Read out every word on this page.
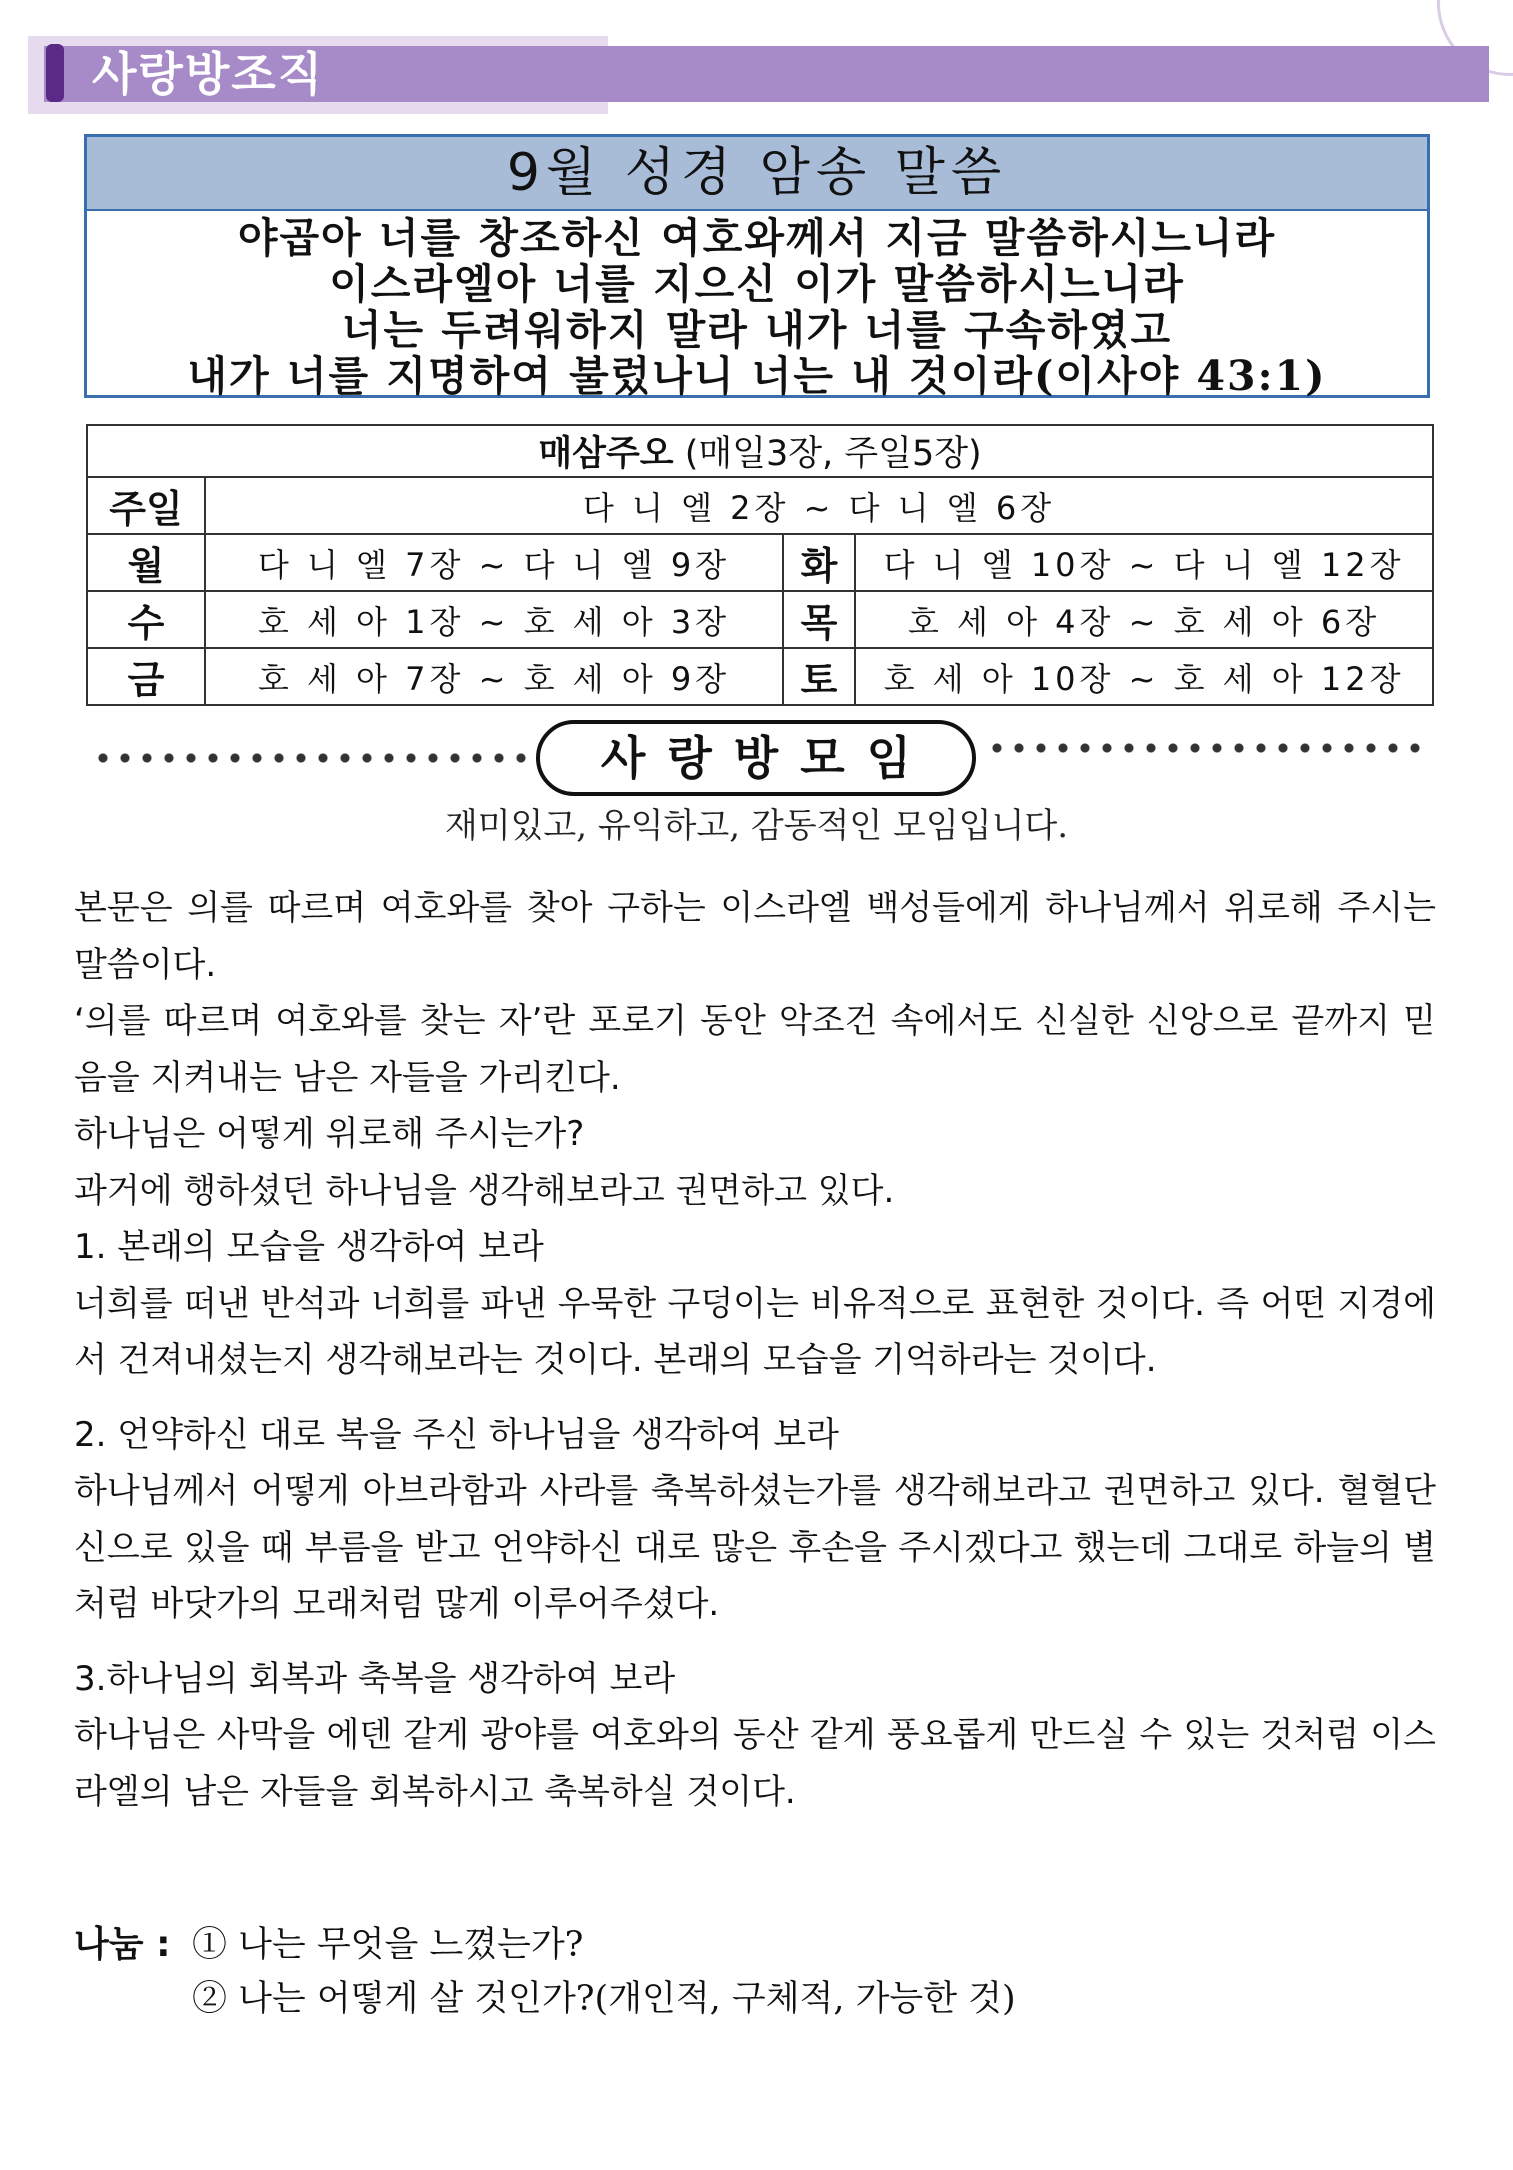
사랑방조직
9월 성경 암송 말씀
야곱아 너를 창조하신 여호와께서 지금 말씀하시느니라
이스라엘아 너를 지으신 이가 말씀하시느니라
너는 두려워하지 말라 내가 너를 구속하였고
내가 너를 지명하여 불렀나니 너는 내 것이라(이사야 43:1)
매삼주오 (매일3장, 주일5장)			
주일	다 니 엘 2장 ~ 다 니 엘 6장		
월	다 니 엘 7장 ~ 다 니 엘 9장	화	다 니 엘 10장 ~ 다 니 엘 12장
수	호 세 아 1장 ~ 호 세 아 3장	목	호 세 아 4장 ~ 호 세 아 6장
금	호 세 아 7장 ~ 호 세 아 9장	토	호 세 아 10장 ~ 호 세 아 12장
사랑방모임
재미있고, 유익하고, 감동적인 모임입니다.

본문은 의를 따르며 여호와를 찾아 구하는 이스라엘 백성들에게 하나님께서 위로해 주시는 말씀이다.

‘의를 따르며 여호와를 찾는 자’란 포로기 동안 악조건 속에서도 신실한 신앙으로 끝까지 믿음을 지켜내는 남은 자들을 가리킨다.

하나님은 어떻게 위로해 주시는가?

과거에 행하셨던 하나님을 생각해보라고 권면하고 있다.

1. 본래의 모습을 생각하여 보라

너희를 떠낸 반석과 너희를 파낸 우묵한 구덩이는 비유적으로 표현한 것이다. 즉 어떤 지경에서 건져내셨는지 생각해보라는 것이다. 본래의 모습을 기억하라는 것이다.

2. 언약하신 대로 복을 주신 하나님을 생각하여 보라

하나님께서 어떻게 아브라함과 사라를 축복하셨는가를 생각해보라고 권면하고 있다. 혈혈단신으로 있을 때 부름을 받고 언약하신 대로 많은 후손을 주시겠다고 했는데 그대로 하늘의 별처럼 바닷가의 모래처럼 많게 이루어주셨다.

3.하나님의 회복과 축복을 생각하여 보라

하나님은 사막을 에덴 같게 광야를 여호와의 동산 같게 풍요롭게 만드실 수 있는 것처럼 이스라엘의 남은 자들을 회복하시고 축복하실 것이다.

나눔 : ① 나는 무엇을 느꼈는가?
② 나는 어떻게 살 것인가?(개인적, 구체적, 가능한 것)
